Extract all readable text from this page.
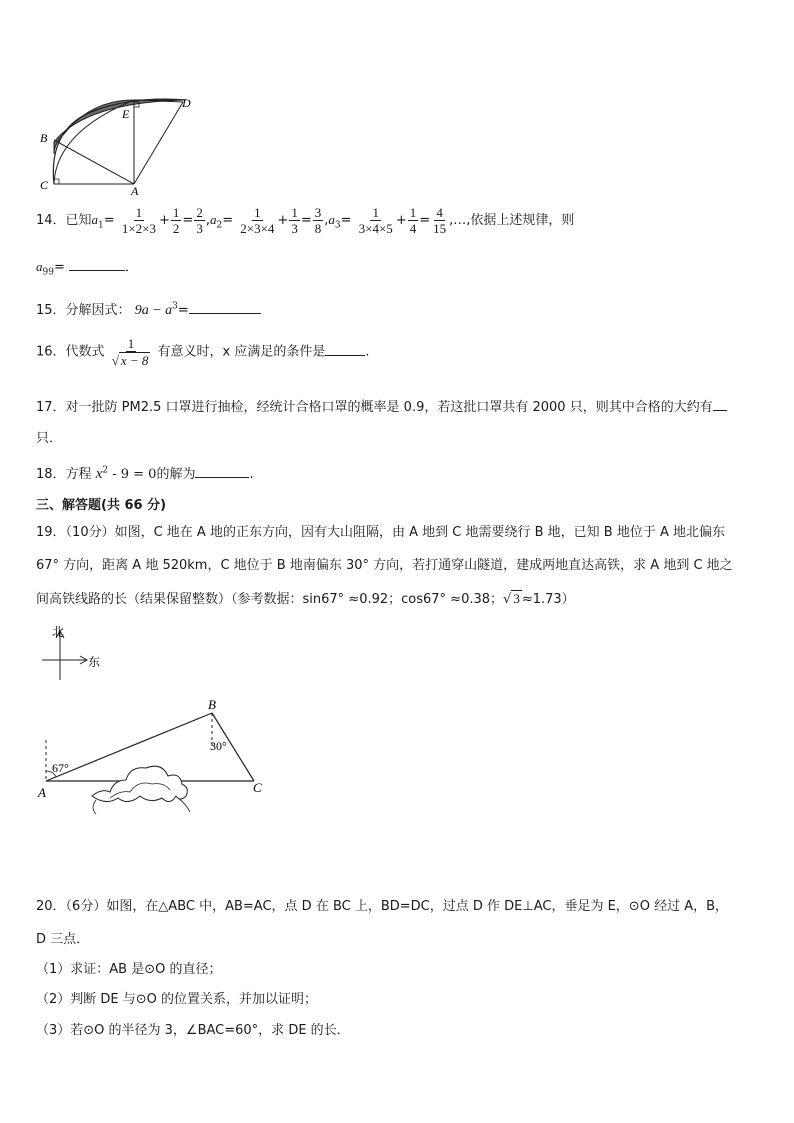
B
C	A
E
D
14．已知$a_1= \frac{1}{1\times 2\times 3} + \frac{1}{2} = \frac{2}{3} ,a_2= \frac{1}{2\times 3\times 4} + \frac{1}{3} = \frac{3}{8} ,a_3= \frac{1}{3\times 4\times 5} + \frac{1}{4} = \frac{4}{15}$ ,…,依据上述规律，则
$a_{99}=$	．
15．分解因式： $9a - a^3=$
16．代数式 $\frac{1}{√ x - 8}$ 有意义时，x 应满足的条件是	.
17．对一批防 PM2.5 口罩进行抽检，经统计合格口罩的概率是 0.9，若这批口罩共有 2000 只，则其中合格的大约有
只．
18．方程 $x^2 - 9 = 0$的解为	.
三、解答题(共 66 分)
19．（10分）如图，C 地在 A 地的正东方向，因有大山阻隔，由 A 地到 C 地需要绕行 B 地，已知 B 地位于 A 地北偏东
67° 方向，距离 A 地 520km，C 地位于 B 地南偏东 30° 方向，若打通穿山隧道，建成两地直达高铁，求 A 地到 C 地之
间高铁线路的长（结果保留整数）（参考数据：sin67° ≈0.92；cos67° ≈0.38；√ 3 ≈1.73）
北
东
B
A	C
67°
30°
20．（6分）如图，在△ABC 中，AB=AC，点 D 在 BC 上，BD=DC，过点 D 作 DE⊥AC，垂足为 E，⊙O 经过 A，B，
D 三点．
（1）求证：AB 是⊙O 的直径；
（2）判断 DE 与⊙O 的位置关系，并加以证明；
（3）若⊙O 的半径为 3，∠BAC=60°，求 DE 的长．
